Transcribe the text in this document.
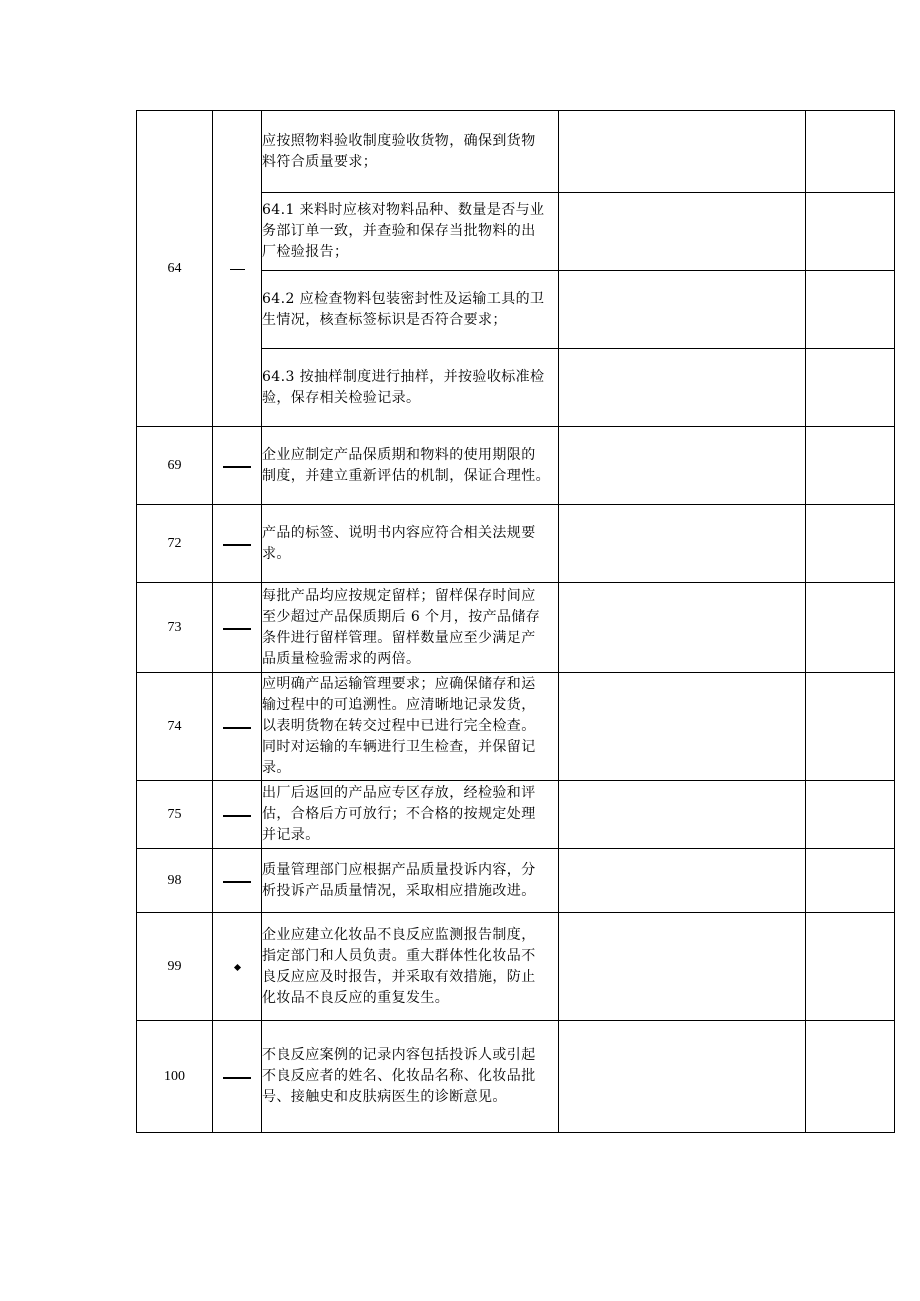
64		应按照物料验收制度验收货物，确保到货物
料符合质量要求；		

		64.1 来料时应核对物料品种、数量是否与业
务部订单一致，并查验和保存当批物料的出
厂检验报告；		

		64.2 应检查物料包装密封性及运输工具的卫
生情况，核查标签标识是否符合要求；		

		64.3 按抽样制度进行抽样，并按验收标准检
验，保存相关检验记录。		

69		企业应制定产品保质期和物料的使用期限的
制度，并建立重新评估的机制，保证合理性。		

72		产品的标签、说明书内容应符合相关法规要
求。		

73		每批产品均应按规定留样；留样保存时间应
至少超过产品保质期后 6 个月，按产品储存
条件进行留样管理。留样数量应至少满足产
品质量检验需求的两倍。		

74		应明确产品运输管理要求；应确保储存和运
输过程中的可追溯性。应清晰地记录发货，
以表明货物在转交过程中已进行完全检查。
同时对运输的车辆进行卫生检查，并保留记
录。		

75		出厂后返回的产品应专区存放，经检验和评
估，合格后方可放行；不合格的按规定处理
并记录。		

98		质量管理部门应根据产品质量投诉内容，分
析投诉产品质量情况，采取相应措施改进。		

99		企业应建立化妆品不良反应监测报告制度，
指定部门和人员负责。重大群体性化妆品不
良反应应及时报告，并采取有效措施，防止
化妆品不良反应的重复发生。		

100		不良反应案例的记录内容包括投诉人或引起
不良反应者的姓名、化妆品名称、化妆品批
号、接触史和皮肤病医生的诊断意见。		
